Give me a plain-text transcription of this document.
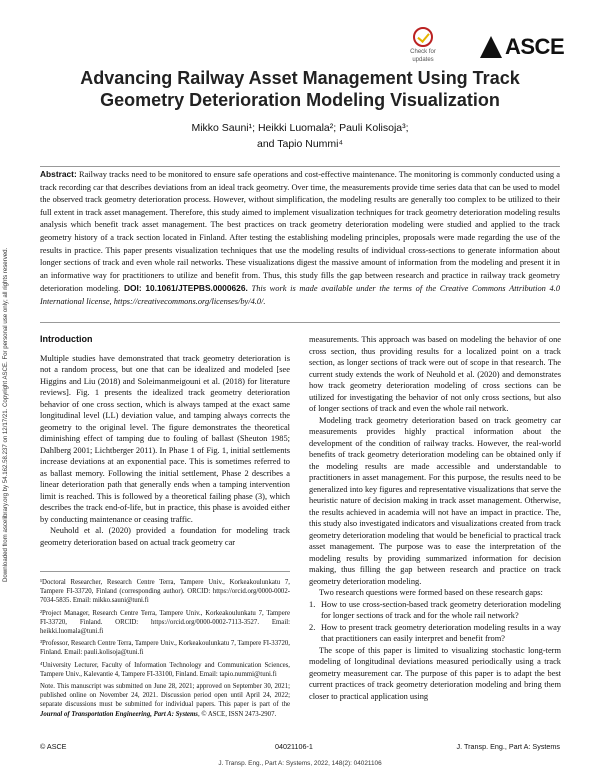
Downloaded from ascelibrary.org by 54.162.58.237 on 12/17/21. Copyright ASCE. For personal use only; all rights reserved.
Check for
updates
ASCE
Advancing Railway Asset Management Using Track
Geometry Deterioration Modeling Visualization
Mikko Sauni¹; Heikki Luomala²; Pauli Kolisoja³;
and Tapio Nummi⁴
Abstract: Railway tracks need to be monitored to ensure safe operations and cost-effective maintenance. The monitoring is commonly conducted using a track recording car that describes deviations from an ideal track geometry. Over time, the measurements provide time series data that can be used to model the observed track geometry deterioration process. However, without simplification, the modeling results are generally too complex to be utilized to their full extent in track asset management. Therefore, this study aimed to implement visualization techniques for track geometry deterioration modeling results analysis which benefit track asset management. The best practices on track geometry deterioration modeling were studied and applied to the track geometry history of a track section located in Finland. After testing the establishing modeling principles, proposals were made regarding the use of the results in practice. This paper presents visualization techniques that use the modeling results of individual cross-sections to generate information about longer sections of track and even whole rail networks. These visualizations digest the massive amount of information from the modeling and present it in an informative way for practitioners to utilize and benefit from. Thus, this study fills the gap between research and practice in railway track geometry deterioration modeling. DOI: 10.1061/JTEPBS.0000626. This work is made available under the terms of the Creative Commons Attribution 4.0 International license, https://creativecommons.org/licenses/by/4.0/.
Introduction

Multiple studies have demonstrated that track geometry deterioration is not a random process, but one that can be idealized and modeled [see Higgins and Liu (2018) and Soleimanmeigouni et al. (2018) for literature reviews]. Fig. 1 presents the idealized track geometry deterioration behavior of one cross section, which is always tamped at the exact same longitudinal level (LL) deviation value, and tamping always corrects the geometry to the original level. The figure demonstrates the theoretical diminishing effect of tamping due to fouling of ballast (Sheuton 1985; Dahlberg 2001; Lichtberger 2011). In Phase 1 of Fig. 1, initial settlements increase deviations at an exponential pace. This is sometimes referred to as ballast memory. Following the initial settlement, Phase 2 describes a linear deterioration path that generally ends when a tamping intervention limit is reached. This is followed by a theoretical failing phase (3), which describes the track end-of-life, but in practice, this phase is avoided either by conducting maintenance or ceasing traffic.

Neuhold et al. (2020) provided a foundation for modeling track geometry deterioration based on actual track geometry car

¹Doctoral Researcher, Research Centre Terra, Tampere Univ., Korkeakoulunkatu 7, Tampere FI-33720, Finland (corresponding author). ORCID: https://orcid.org/0000-0002-7034-5835. Email: mikko.sauni@tuni.fi

²Project Manager, Research Centre Terra, Tampere Univ., Korkeakoulunkatu 7, Tampere FI-33720, Finland. ORCID: https://orcid.org/0000-0002-7113-3527. Email: heikki.luomala@tuni.fi

³Professor, Research Centre Terra, Tampere Univ., Korkeakoulunkatu 7, Tampere FI-33720, Finland. Email: pauli.kolisoja@tuni.fi

⁴University Lecturer, Faculty of Information Technology and Communication Sciences, Tampere Univ., Kalevantie 4, Tampere FI-33100, Finland. Email: tapio.nummi@tuni.fi

Note. This manuscript was submitted on June 28, 2021; approved on September 30, 2021; published online on November 24, 2021. Discussion period open until April 24, 2022; separate discussions must be submitted for individual papers. This paper is part of the Journal of Transportation Engineering, Part A: Systems, © ASCE, ISSN 2473-2907.

measurements. This approach was based on modeling the behavior of one cross section, thus providing results for a localized point on a track section, as longer sections of track were out of scope in that research. The current study extends the work of Neuhold et al. (2020) and demonstrates how track geometry deterioration modeling of cross sections can be utilized for investigating the behavior of not only cross sections, but also of longer sections of track and even the whole rail network.

Modeling track geometry deterioration based on track geometry car measurements provides highly practical information about the development of the condition of railway tracks. However, the real-world benefits of track geometry deterioration modeling can be obtained only if the modeling results are made accessible and understandable to practitioners in asset management. For this purpose, the results need to be generalized into key figures and representative visualizations that serve the heuristic nature of decision making in track asset management. Otherwise, the results achieved in academia will not have an impact in practice. The, this study also investigated indicators and visualizations created from track geometry deterioration modeling that would be beneficial to practical track asset management. The purpose was to ease the interpretation of the modeling results by providing summarized information for decision making, thus filling the gap between research and practice on track geometry deterioration modeling.

Two research questions were formed based on these research gaps:

1. How to use cross-section-based track geometry deterioration modeling for longer sections of track and for the whole rail network?
2. How to present track geometry deterioration modeling results in a way that practitioners can easily interpret and benefit from?

The scope of this paper is limited to visualizing stochastic long-term modeling of longitudinal deviations measured periodically using a track geometry measurement car. The purpose of this paper is to adapt the best current practices of track geometry deterioration modeling and bring them closer to practical application using

© ASCE	04021106-1	J. Transp. Eng., Part A: Systems
J. Transp. Eng., Part A: Systems, 2022, 148(2): 04021106
